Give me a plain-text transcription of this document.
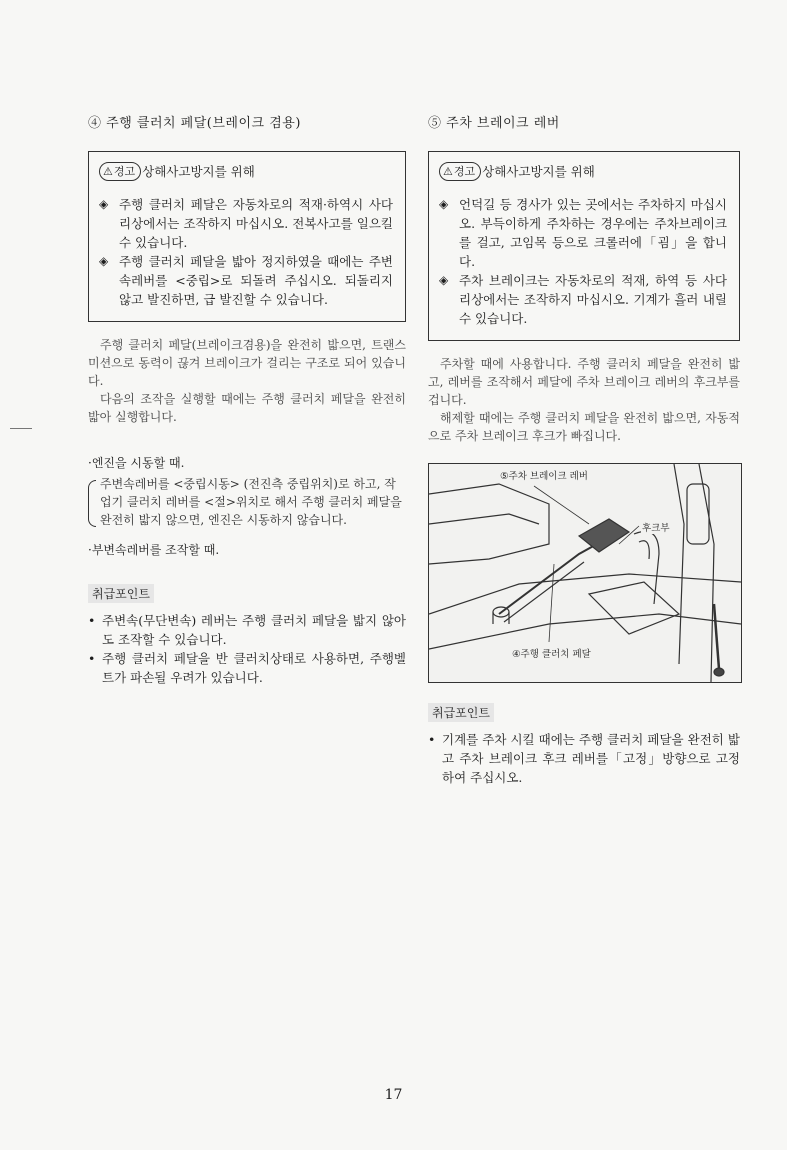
④ 주행 클러치 페달(브레이크 겸용)
⚠ 경고 상해사고방지를 위해
◈ 주행 클러치 페달은 자동차로의 적재·하역시 사다리상에서는 조작하지 마십시오. 전복사고를 일으킬 수 있습니다.
◈ 주행 클러치 페달을 밟아 정지하였을 때에는 주변속레버를 <중립>로 되돌려 주십시오. 되돌리지 않고 발진하면, 급 발진할 수 있습니다.

주행 클러치 페달(브레이크겸용)을 완전히 밟으면, 트랜스미션으로 동력이 끊겨 브레이크가 걸리는 구조로 되어 있습니다.

다음의 조작을 실행할 때에는 주행 클러치 페달을 완전히 밟아 실행합니다.

·엔진을 시동할 때.
주변속레버를 <중립시동> (전진측 중립위치)로 하고, 작업기 클러치 레버를 <절>위치로 해서 주행 클러치 페달을 완전히 밟지 않으면, 엔진은 시동하지 않습니다.
·부변속레버를 조작할 때.
취급포인트
• 주변속(무단변속) 레버는 주행 클러치 페달을 밟지 않아도 조작할 수 있습니다.
• 주행 클러치 페달을 반 클러치상태로 사용하면, 주행벨트가 파손될 우려가 있습니다.
⑤ 주차 브레이크 레버
⚠ 경고 상해사고방지를 위해
◈ 언덕길 등 경사가 있는 곳에서는 주차하지 마십시오. 부득이하게 주차하는 경우에는 주차브레이크를 걸고, 고임목 등으로 크롤러에「굄」을 합니다.
◈ 주차 브레이크는 자동차로의 적재, 하역 등 사다리상에서는 조작하지 마십시오. 기계가 흘러 내릴 수 있습니다.

주차할 때에 사용합니다. 주행 클러치 페달을 완전히 밟고, 레버를 조작해서 페달에 주차 브레이크 레버의 후크부를 겁니다.

해제할 때에는 주행 클러치 페달을 완전히 밟으면, 자동적으로 주차 브레이크 후크가 빠집니다.

⑤주차 브레이크 레버
후크부
④주행 클러치 페달
취급포인트
• 기계를 주차 시킬 때에는 주행 클러치 페달을 완전히 밟고 주차 브레이크 후크 레버를「고정」방향으로 고정하여 주십시오.
17
